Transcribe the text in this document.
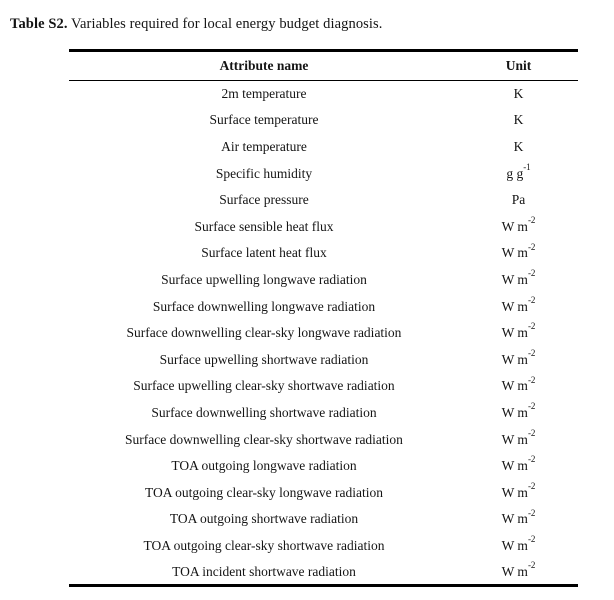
Table S2. Variables required for local energy budget diagnosis.
Attribute name	Unit
2m temperature	K
Surface temperature	K
Air temperature	K
Specific humidity	g $g^{-1}$
Surface pressure	Pa
Surface sensible heat flux	W $m^{-2}$
Surface latent heat flux	W $m^{-2}$
Surface upwelling longwave radiation	W $m^{-2}$
Surface downwelling longwave radiation	W $m^{-2}$
Surface downwelling clear-sky longwave radiation	W $m^{-2}$
Surface upwelling shortwave radiation	W $m^{-2}$
Surface upwelling clear-sky shortwave radiation	W $m^{-2}$
Surface downwelling shortwave radiation	W $m^{-2}$
Surface downwelling clear-sky shortwave radiation	W $m^{-2}$
TOA outgoing longwave radiation	W $m^{-2}$
TOA outgoing clear-sky longwave radiation	W $m^{-2}$
TOA outgoing shortwave radiation	W $m^{-2}$
TOA outgoing clear-sky shortwave radiation	W $m^{-2}$
TOA incident shortwave radiation	W $m^{-2}$
